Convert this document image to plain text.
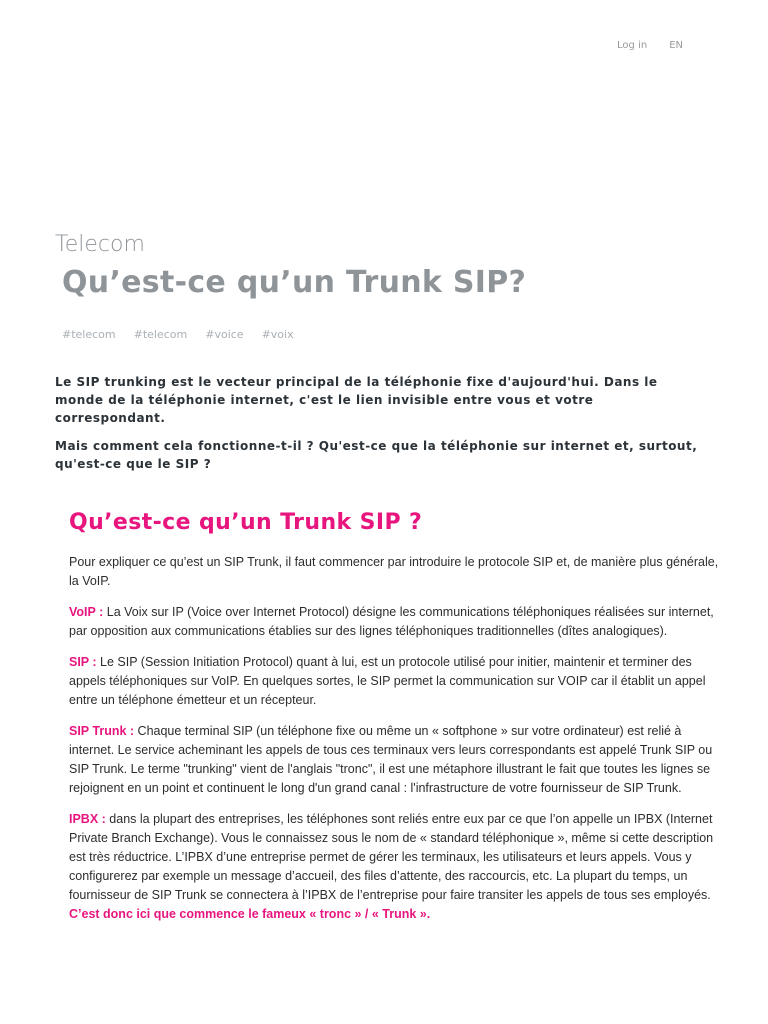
Log in EN
Telecom
Qu’est-ce qu’un Trunk SIP?
#telecom #telecom #voice #voix

Le SIP trunking est le vecteur principal de la téléphonie fixe d'aujourd'hui. Dans le monde de la téléphonie internet, c'est le lien invisible entre vous et votre correspondant.

Mais comment cela fonctionne-t-il ? Qu'est-ce que la téléphonie sur internet et, surtout, qu'est-ce que le SIP ?

Qu’est-ce qu’un Trunk SIP ?

Pour expliquer ce qu’est un SIP Trunk, il faut commencer par introduire le protocole SIP et, de manière plus générale, la VoIP.

VoIP : La Voix sur IP (Voice over Internet Protocol) désigne les communications téléphoniques réalisées sur internet, par opposition aux communications établies sur des lignes téléphoniques traditionnelles (dîtes analogiques).

SIP : Le SIP (Session Initiation Protocol) quant à lui, est un protocole utilisé pour initier, maintenir et terminer des appels téléphoniques sur VoIP. En quelques sortes, le SIP permet la communication sur VOIP car il établit un appel entre un téléphone émetteur et un récepteur.

SIP Trunk : Chaque terminal SIP (un téléphone fixe ou même un « softphone » sur votre ordinateur) est relié à internet. Le service acheminant les appels de tous ces terminaux vers leurs correspondants est appelé Trunk SIP ou SIP Trunk. Le terme "trunking" vient de l'anglais "tronc", il est une métaphore illustrant le fait que toutes les lignes se rejoignent en un point et continuent le long d'un grand canal : l'infrastructure de votre fournisseur de SIP Trunk.

IPBX : dans la plupart des entreprises, les téléphones sont reliés entre eux par ce que l’on appelle un IPBX (Internet Private Branch Exchange). Vous le connaissez sous le nom de « standard téléphonique », même si cette description est très réductrice. L’IPBX d’une entreprise permet de gérer les terminaux, les utilisateurs et leurs appels. Vous y configurerez par exemple un message d’accueil, des files d’attente, des raccourcis, etc. La plupart du temps, un fournisseur de SIP Trunk se connectera à l’IPBX de l’entreprise pour faire transiter les appels de tous ses employés. C’est donc ici que commence le fameux « tronc » / « Trunk ».
